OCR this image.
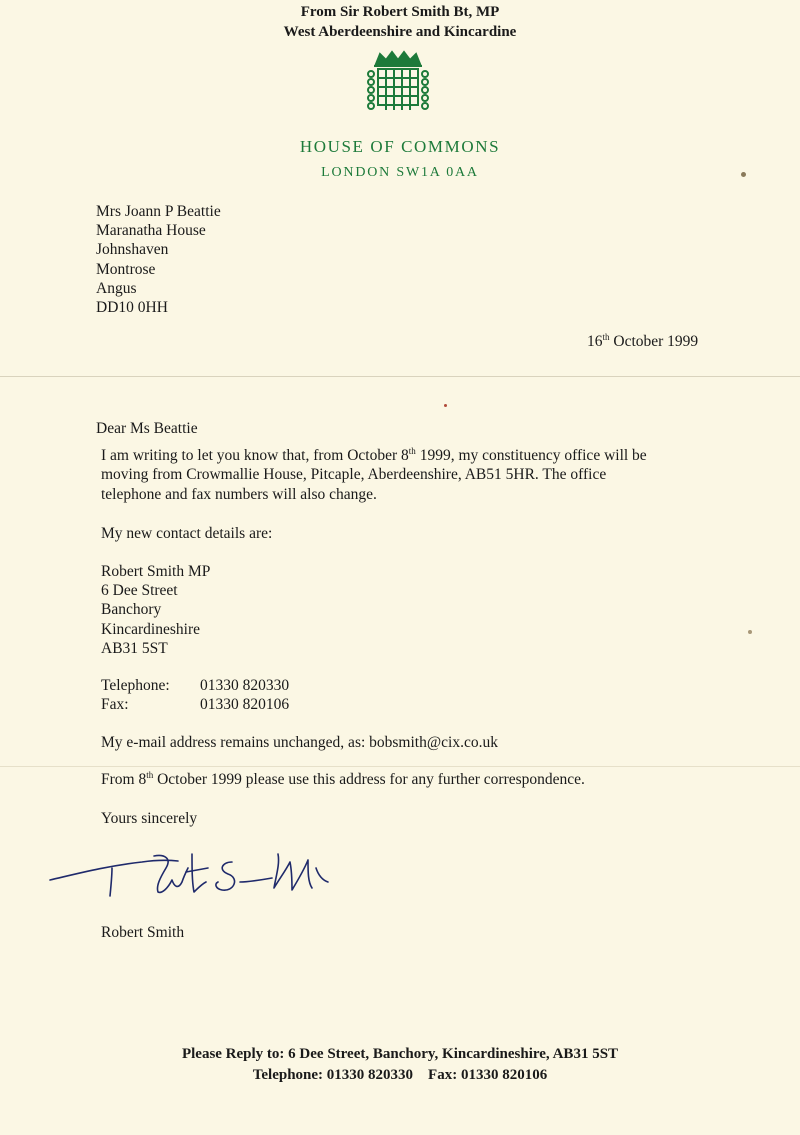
From Sir Robert Smith Bt, MP
West Aberdeenshire and Kincardine
HOUSE OF COMMONS
LONDON SW1A 0AA
Mrs Joann P Beattie
Maranatha House
Johnshaven
Montrose
Angus
DD10 0HH
16th October 1999
Dear Ms Beattie
I am writing to let you know that, from October 8th 1999, my constituency office will be
moving from Crowmallie House, Pitcaple, Aberdeenshire, AB51 5HR. The office
telephone and fax numbers will also change.
My new contact details are:
Robert Smith MP
6 Dee Street
Banchory
Kincardineshire
AB31 5ST
Telephone: 01330 820330
Fax:	01330 820106
My e-mail address remains unchanged, as: bobsmith@cix.co.uk
From 8th October 1999 please use this address for any further correspondence.
Yours sincerely
Robert Smith
Please Reply to: 6 Dee Street, Banchory, Kincardineshire, AB31 5ST
Telephone: 01330 820330    Fax: 01330 820106
